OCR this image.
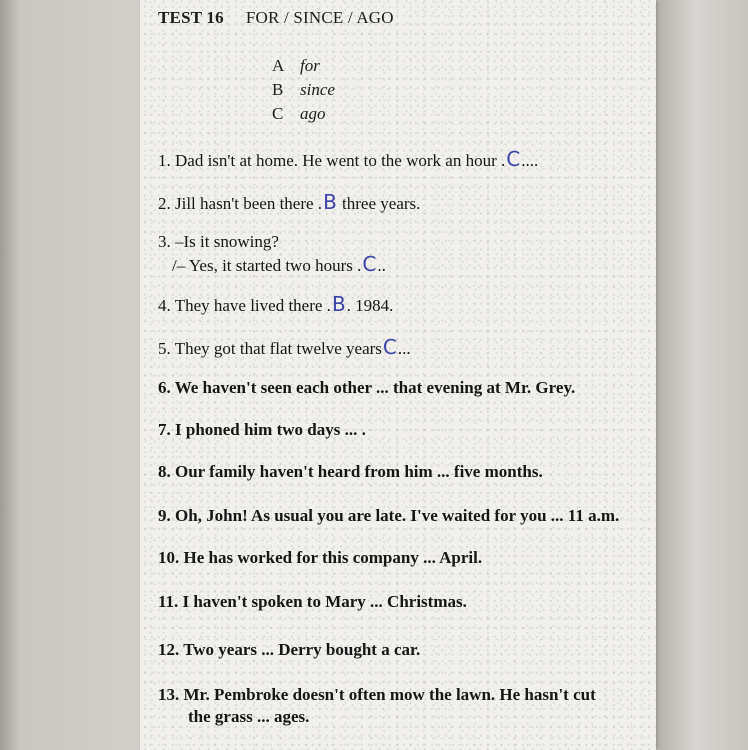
TEST 16 FOR / SINCE / AGO
A for
B since
C ago
1. Dad isn't at home. He went to the work an hour .C....
2. Jill hasn't been there .B three years.
3. –Is it snowing?
/– Yes, it started two hours .C..
4. They have lived there .B. 1984.
5. They got that flat twelve yearsC...
6. We haven't seen each other ... that evening at Mr. Grey.
7. I phoned him two days ... .
8. Our family haven't heard from him ... five months.
9. Oh, John! As usual you are late. I've waited for you ... 11 a.m.
10. He has worked for this company ... April.
11. I haven't spoken to Mary ... Christmas.
12. Two years ... Derry bought a car.
13. Mr. Pembroke doesn't often mow the lawn. He hasn't cut
the grass ... ages.
